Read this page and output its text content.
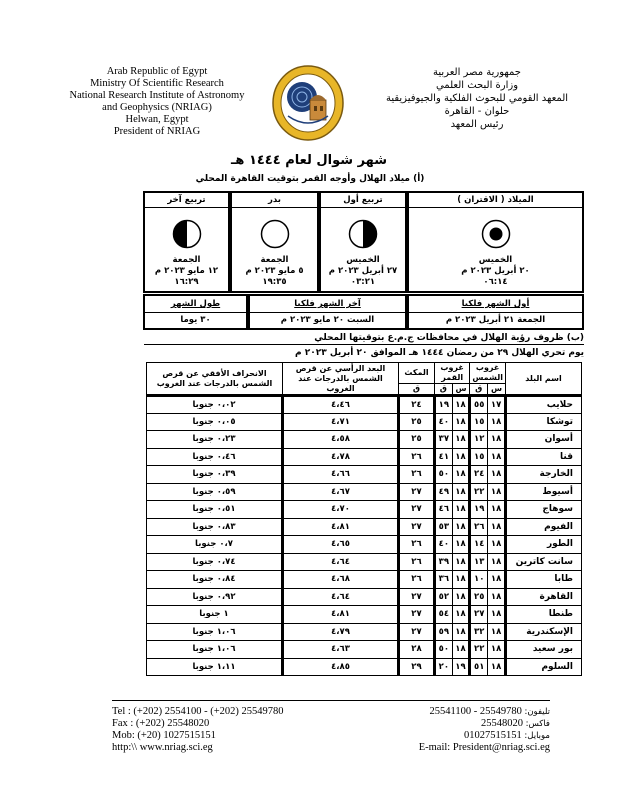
Arab Republic of Egypt
Ministry Of Scientific Research
National Research Institute of Astronomy
and Geophysics (NRIAG)
Helwan, Egypt
President of NRIAG
جمهورية مصر العربية
وزارة البحث العلمي
المعهد القومي للبحوث الفلكية والجيوفيزيقية
حلوان - القاهرة
رئيس المعهد
شهر شوال لعام ١٤٤٤ هـ
(أ) ميلاد الهلال وأوجه القمر بتوقيت القاهرة المحلي
الميلاد ( الاقتران )
الخميس
٢٠ أبريل ٢٠٢٣ م
٠٦:١٤
تربيع أول
الخميس
٢٧ أبريل ٢٠٢٣ م
٠٣:٢١
بدر
الجمعة
٥ مايو ٢٠٢٣ م
١٩:٣٥
تربيع آخر
الجمعة
١٢ مايو ٢٠٢٣ م
١٦:٢٩
أول الشهر فلكيا
الجمعة ٢١ أبريل ٢٠٢٣ م
آخر الشهر فلكيا
السبت ٢٠ مايو ٢٠٢٣ م
طول الشهر
٣٠ يوما
(ب) ظروف رؤية الهلال في محافظات ج.م.ع بتوقيتها المحلي
يوم تحري الهلال ٢٩ من رمضان ١٤٤٤ هـ الموافق ٢٠ أبريل ٢٠٢٣ م
اسم البلد	غروب الشمس		غروب القمر		المكث	البعد الرأسي عن قرص الشمس بالدرجات عند الغروب	الانحراف الأفقي عن قرص الشمس بالدرجات عند الغروب
	س	ق	س	ق	ق		
حلايب	١٧	٥٥	١٨	١٩	٢٤	٤،٤٦	٠،٠٢ جنوبا
توشكا	١٨	١٥	١٨	٤٠	٢٥	٤،٧١	٠،٠٥ جنوبا
أسوان	١٨	١٢	١٨	٣٧	٢٥	٤،٥٨	٠،٢٣ جنوبا
قنا	١٨	١٥	١٨	٤١	٢٦	٤،٧٨	٠،٤٦ جنوبا
الخارجة	١٨	٢٤	١٨	٥٠	٢٦	٤،٦٦	٠،٣٩ جنوبا
أسيوط	١٨	٢٢	١٨	٤٩	٢٧	٤،٦٧	٠،٥٩ جنوبا
سوهاج	١٨	١٩	١٨	٤٦	٢٧	٤،٧٠	٠،٥١ جنوبا
الفيوم	١٨	٢٦	١٨	٥٣	٢٧	٤،٨١	٠،٨٣ جنوبا
الطور	١٨	١٤	١٨	٤٠	٢٦	٤،٦٥	٠،٧ جنوبا
سانت كاترين	١٨	١٣	١٨	٣٩	٢٦	٤،٦٤	٠،٧٤ جنوبا
طابا	١٨	١٠	١٨	٣٦	٢٦	٤،٦٨	٠،٨٤ جنوبا
القاهرة	١٨	٢٥	١٨	٥٢	٢٧	٤،٦٤	٠،٩٢ جنوبا
طنطا	١٨	٢٧	١٨	٥٤	٢٧	٤،٨١	١ جنوبا
الإسكندرية	١٨	٣٢	١٨	٥٩	٢٧	٤،٧٩	١،٠٦ جنوبا
بور سعيد	١٨	٢٢	١٨	٥٠	٢٨	٤،٦٣	١،٠٦ جنوبا
السلوم	١٨	٥١	١٩	٢٠	٢٩	٤،٨٥	١،١١ جنوبا
Tel : (+202) 2554100 - (+202) 25549780
Fax : (+202) 25548020
Mob: (+20) 1027515151
http:\\ www.nriag.sci.eg
تليفون: 25549780 - 25541100
فاكس: 25548020
موبايل: 01027515151
E-mail: President@nriag.sci.eg
